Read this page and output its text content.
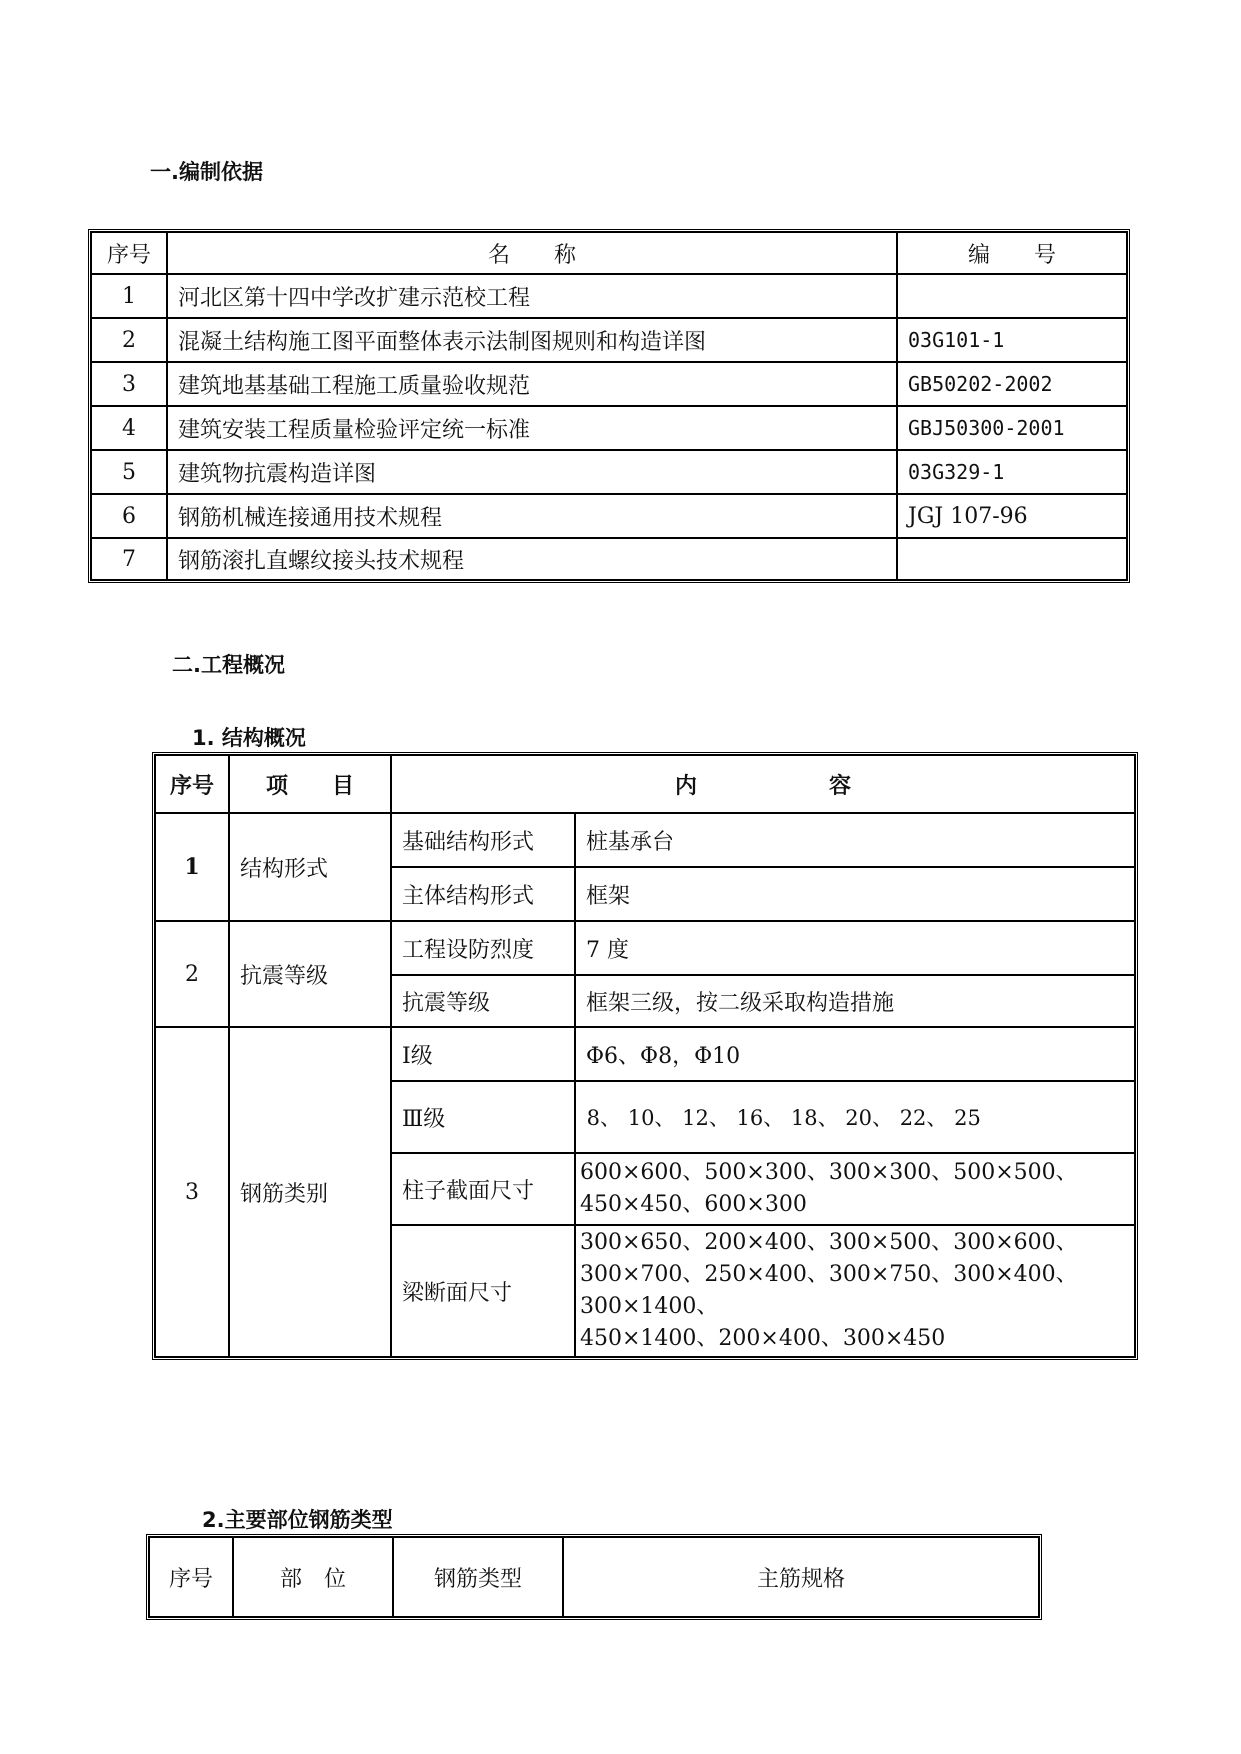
一.编制依据
序号	名　　称	编　　号
1	河北区第十四中学改扩建示范校工程	
2	混凝土结构施工图平面整体表示法制图规则和构造详图	03G101-1
3	建筑地基基础工程施工质量验收规范	GB50202-2002
4	建筑安装工程质量检验评定统一标准	GBJ50300-2001
5	建筑物抗震构造详图	03G329-1
6	钢筋机械连接通用技术规程	JGJ 107-96
7	钢筋滚扎直螺纹接头技术规程	
二.工程概况
1. 结构概况
序号	项　　目	内　　　　　　容	
1	结构形式	基础结构形式	桩基承台
		主体结构形式	框架
2	抗震等级	工程设防烈度	7 度
		抗震等级	框架三级，按二级采取构造措施
3	钢筋类别	Ⅰ级	Φ6、Φ8，Φ10
		Ⅲ级	8、 10、 12、 16、 18、 20、 22、 25
		柱子截面尺寸	600×600、500×300、300×300、500×500、450×450、600×300
		梁断面尺寸	300×650、200×400、300×500、300×600、300×700、250×400、300×750、300×400、300×1400、
450×1400、200×400、300×450
2.主要部位钢筋类型
序号	部　位	钢筋类型	主筋规格
